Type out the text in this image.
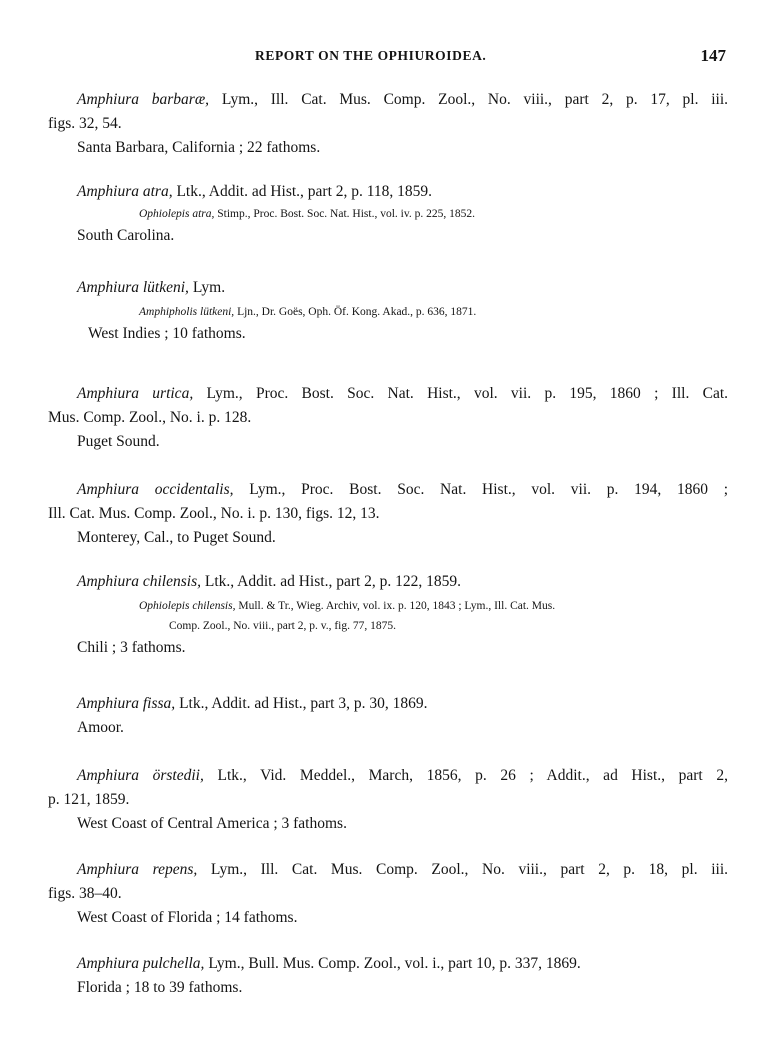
REPORT ON THE OPHIUROIDEA.	147
Amphiura barbaræ, Lym., Ill. Cat. Mus. Comp. Zool., No. viii., part 2, p. 17, pl. iii.
figs. 32, 54.
Santa Barbara, California ; 22 fathoms.
Amphiura atra, Ltk., Addit. ad Hist., part 2, p. 118, 1859.
Ophiolepis atra, Stimp., Proc. Bost. Soc. Nat. Hist., vol. iv. p. 225, 1852.
South Carolina.
Amphiura lütkeni, Lym.
Amphipholis lütkeni, Ljn., Dr. Goës, Oph. Öf. Kong. Akad., p. 636, 1871.
West Indies ; 10 fathoms.
Amphiura urtica, Lym., Proc. Bost. Soc. Nat. Hist., vol. vii. p. 195, 1860 ; Ill. Cat.
Mus. Comp. Zool., No. i. p. 128.
Puget Sound.
Amphiura occidentalis, Lym., Proc. Bost. Soc. Nat. Hist., vol. vii. p. 194, 1860 ;
Ill. Cat. Mus. Comp. Zool., No. i. p. 130, figs. 12, 13.
Monterey, Cal., to Puget Sound.
Amphiura chilensis, Ltk., Addit. ad Hist., part 2, p. 122, 1859.
Ophiolepis chilensis, Mull. & Tr., Wieg. Archiv, vol. ix. p. 120, 1843 ; Lym., Ill. Cat. Mus.
Comp. Zool., No. viii., part 2, p. v., fig. 77, 1875.
Chili ; 3 fathoms.
Amphiura fissa, Ltk., Addit. ad Hist., part 3, p. 30, 1869.
Amoor.
Amphiura örstedii, Ltk., Vid. Meddel., March, 1856, p. 26 ; Addit., ad Hist., part 2,
p. 121, 1859.
West Coast of Central America ; 3 fathoms.
Amphiura repens, Lym., Ill. Cat. Mus. Comp. Zool., No. viii., part 2, p. 18, pl. iii.
figs. 38–40.
West Coast of Florida ; 14 fathoms.
Amphiura pulchella, Lym., Bull. Mus. Comp. Zool., vol. i., part 10, p. 337, 1869.
Florida ; 18 to 39 fathoms.
